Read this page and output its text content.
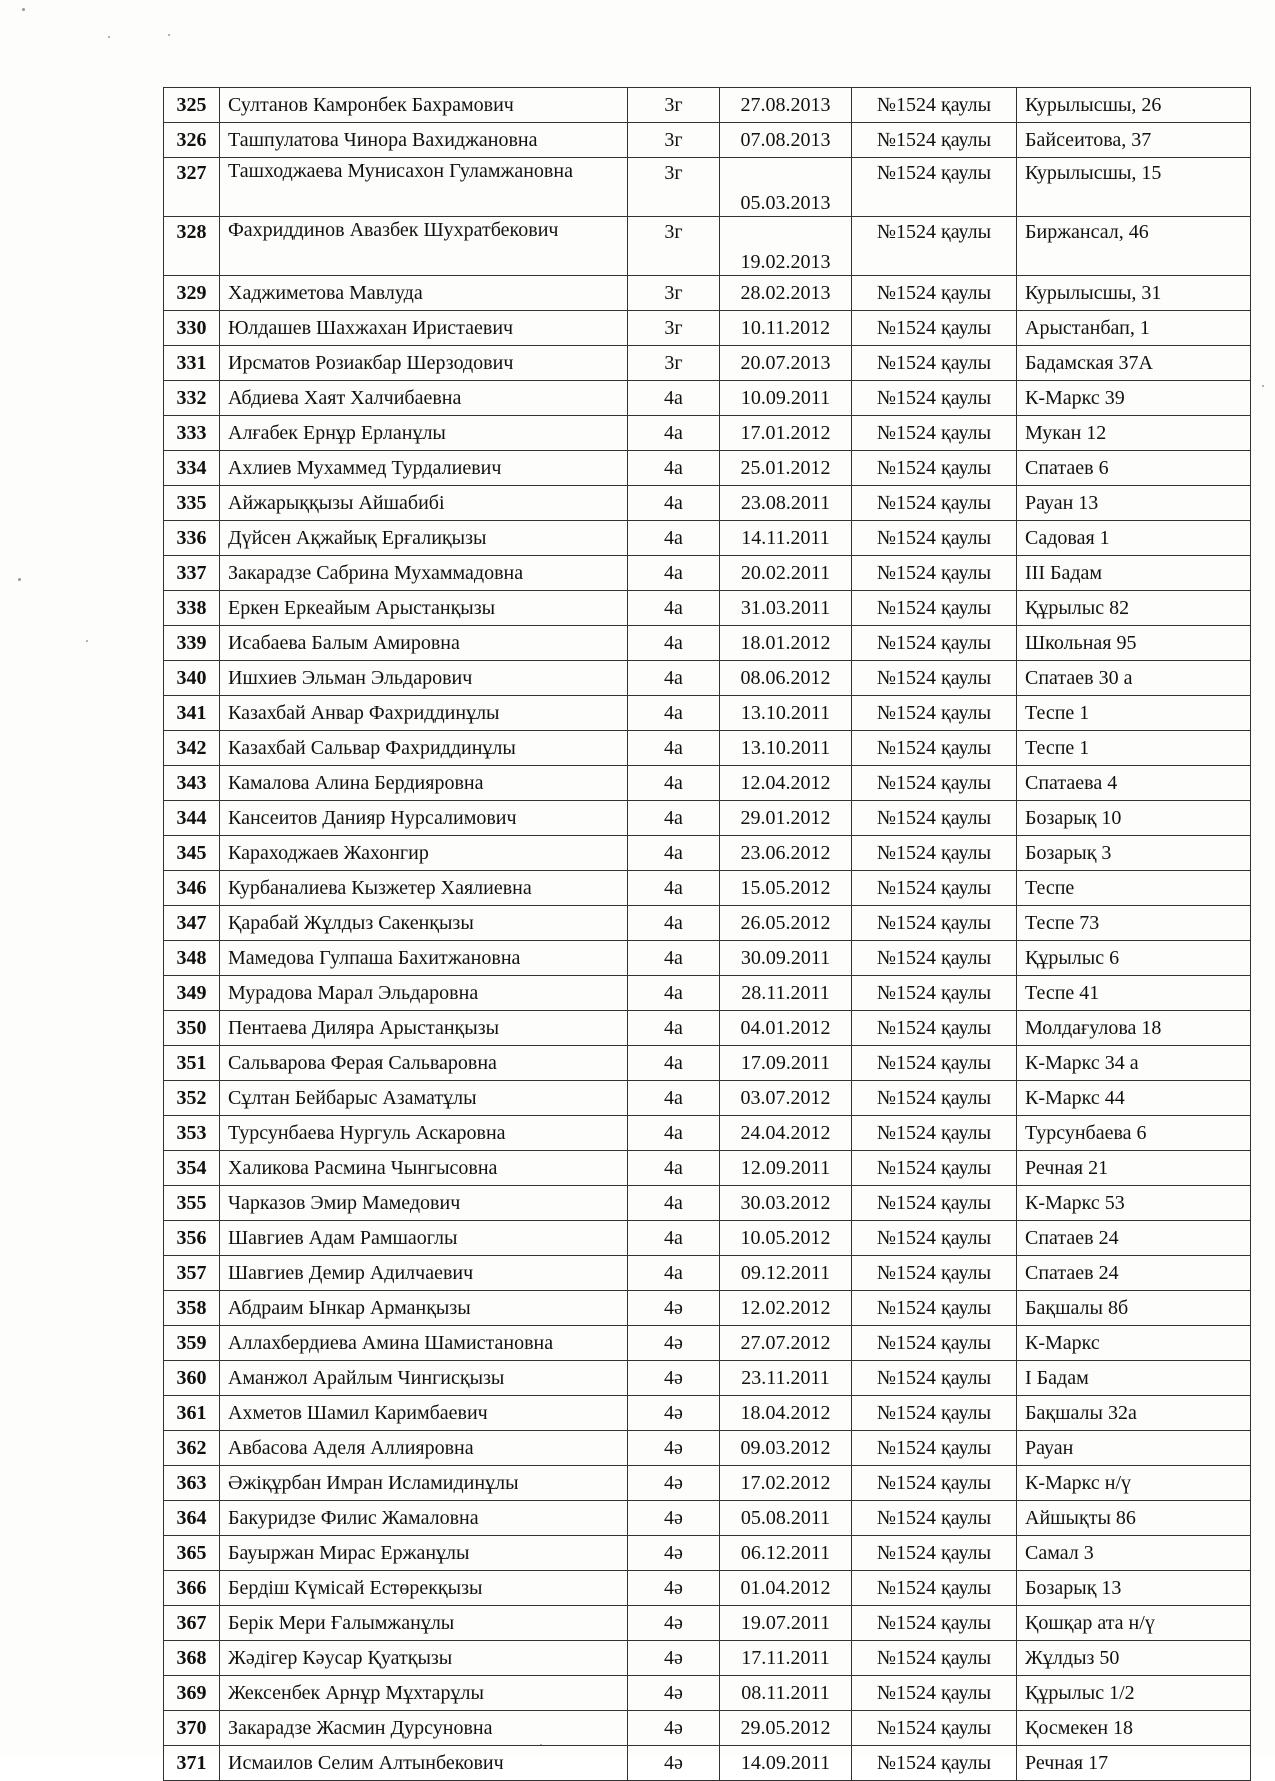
325	Султанов Камронбек Бахрамович	3г	27.08.2013	№1524 қаулы	Курылысшы, 26
326	Ташпулатова Чинора Вахиджановна	3г	07.08.2013	№1524 қаулы	Байсеитова, 37
327	Ташходжаева Мунисахон Гуламжановна	3г	05.03.2013	№1524 қаулы	Курылысшы, 15
328	Фахриддинов Авазбек Шухратбекович	3г	19.02.2013	№1524 қаулы	Биржансал, 46
329	Хаджиметова Мавлуда	3г	28.02.2013	№1524 қаулы	Курылысшы, 31
330	Юлдашев Шахжахан Иристаевич	3г	10.11.2012	№1524 қаулы	Арыстанбап, 1
331	Ирсматов Розиакбар Шерзодович	3г	20.07.2013	№1524 қаулы	Бадамская 37А
332	Абдиева Хаят Халчибаевна	4а	10.09.2011	№1524 қаулы	К-Маркс 39
333	Алғабек Ернұр Ерланұлы	4а	17.01.2012	№1524 қаулы	Мукан 12
334	Ахлиев Мухаммед Турдалиевич	4а	25.01.2012	№1524 қаулы	Спатаев 6
335	Айжарыққызы Айшабибі	4а	23.08.2011	№1524 қаулы	Рауан 13
336	Дүйсен Ақжайық Ерғалиқызы	4а	14.11.2011	№1524 қаулы	Садовая 1
337	Закарадзе Сабрина Мухаммадовна	4а	20.02.2011	№1524 қаулы	ІІІ Бадам
338	Еркен Еркеайым Арыстанқызы	4а	31.03.2011	№1524 қаулы	Құрылыс 82
339	Исабаева Балым Амировна	4а	18.01.2012	№1524 қаулы	Школьная 95
340	Ишхиев Эльман Эльдарович	4а	08.06.2012	№1524 қаулы	Спатаев 30 а
341	Казахбай Анвар Фахриддинұлы	4а	13.10.2011	№1524 қаулы	Теспе 1
342	Казахбай Сальвар Фахриддинұлы	4а	13.10.2011	№1524 қаулы	Теспе 1
343	Камалова Алина Бердияровна	4а	12.04.2012	№1524 қаулы	Спатаева 4
344	Кансеитов Данияр Нурсалимович	4а	29.01.2012	№1524 қаулы	Бозарық 10
345	Караходжаев Жахонгир	4а	23.06.2012	№1524 қаулы	Бозарық 3
346	Курбаналиева Кызжетер Хаялиевна	4а	15.05.2012	№1524 қаулы	Теспе
347	Қарабай Жұлдыз Сакенқызы	4а	26.05.2012	№1524 қаулы	Теспе 73
348	Мамедова Гулпаша Бахитжановна	4а	30.09.2011	№1524 қаулы	Құрылыс 6
349	Мурадова Марал Эльдаровна	4а	28.11.2011	№1524 қаулы	Теспе 41
350	Пентаева Диляра Арыстанқызы	4а	04.01.2012	№1524 қаулы	Молдағулова 18
351	Сальварова Ферая Сальваровна	4а	17.09.2011	№1524 қаулы	К-Маркс 34 а
352	Сұлтан Бейбарыс Азаматұлы	4а	03.07.2012	№1524 қаулы	К-Маркс 44
353	Турсунбаева Нургуль Аскаровна	4а	24.04.2012	№1524 қаулы	Турсунбаева 6
354	Халикова Расмина Чынгысовна	4а	12.09.2011	№1524 қаулы	Речная 21
355	Чарказов Эмир Мамедович	4а	30.03.2012	№1524 қаулы	К-Маркс 53
356	Шавгиев Адам Рамшаоглы	4а	10.05.2012	№1524 қаулы	Спатаев 24
357	Шавгиев Демир Адилчаевич	4а	09.12.2011	№1524 қаулы	Спатаев 24
358	Абдраим Ынкар Арманқызы	4ә	12.02.2012	№1524 қаулы	Бақшалы 8б
359	Аллахбердиева Амина Шамистановна	4ә	27.07.2012	№1524 қаулы	К-Маркс
360	Аманжол Арайлым Чингисқызы	4ә	23.11.2011	№1524 қаулы	І Бадам
361	Ахметов Шамил Каримбаевич	4ә	18.04.2012	№1524 қаулы	Бақшалы 32а
362	Авбасова Аделя Аллияровна	4ә	09.03.2012	№1524 қаулы	Рауан
363	Әжіқұрбан Имран Исламидинұлы	4ә	17.02.2012	№1524 қаулы	К-Маркс н/ү
364	Бакуридзе Филис Жамаловна	4ә	05.08.2011	№1524 қаулы	Айшықты 86
365	Бауыржан Мирас Ержанұлы	4ә	06.12.2011	№1524 қаулы	Самал 3
366	Бердіш Күмісай Естөрекқызы	4ә	01.04.2012	№1524 қаулы	Бозарық 13
367	Берік Мери Ғалымжанұлы	4ә	19.07.2011	№1524 қаулы	Қошқар ата н/ү
368	Жәдігер Кәусар Қуатқызы	4ә	17.11.2011	№1524 қаулы	Жұлдыз 50
369	Жексенбек Арнұр Мұхтарұлы	4ә	08.11.2011	№1524 қаулы	Құрылыс 1/2
370	Закарадзе Жасмин Дурсуновна	4ә	29.05.2012	№1524 қаулы	Қосмекен 18
371	Исмаилов Селим Алтынбекович	4ә	14.09.2011	№1524 қаулы	Речная 17
